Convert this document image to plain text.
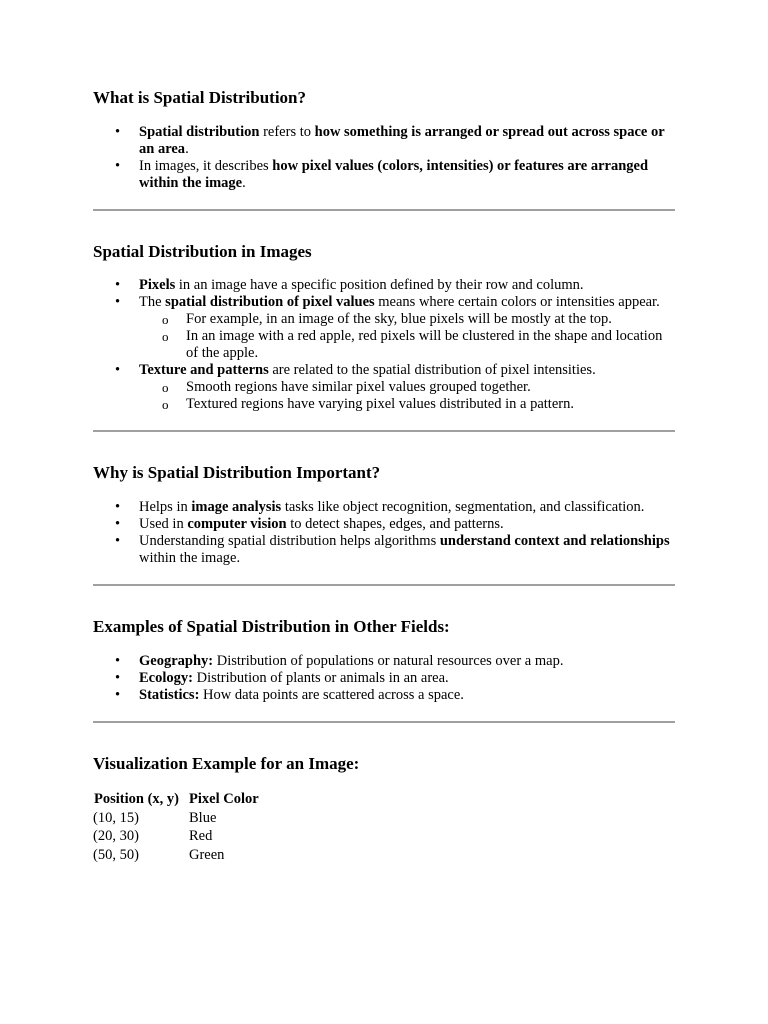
What is Spatial Distribution?
• Spatial distribution refers to how something is arranged or spread out across space or an area.
• In images, it describes how pixel values (colors, intensities) or features are arranged within the image.
Spatial Distribution in Images
• Pixels in an image have a specific position defined by their row and column.
• The spatial distribution of pixel values means where certain colors or intensities appear.
o For example, in an image of the sky, blue pixels will be mostly at the top.
o In an image with a red apple, red pixels will be clustered in the shape and location of the apple.
• Texture and patterns are related to the spatial distribution of pixel intensities.
o Smooth regions have similar pixel values grouped together.
o Textured regions have varying pixel values distributed in a pattern.
Why is Spatial Distribution Important?
• Helps in image analysis tasks like object recognition, segmentation, and classification.
• Used in computer vision to detect shapes, edges, and patterns.
• Understanding spatial distribution helps algorithms understand context and relationships within the image.
Examples of Spatial Distribution in Other Fields:
• Geography: Distribution of populations or natural resources over a map.
• Ecology: Distribution of plants or animals in an area.
• Statistics: How data points are scattered across a space.
Visualization Example for an Image:
Position (x, y)	Pixel Color
(10, 15)	Blue
(20, 30)	Red
(50, 50)	Green
